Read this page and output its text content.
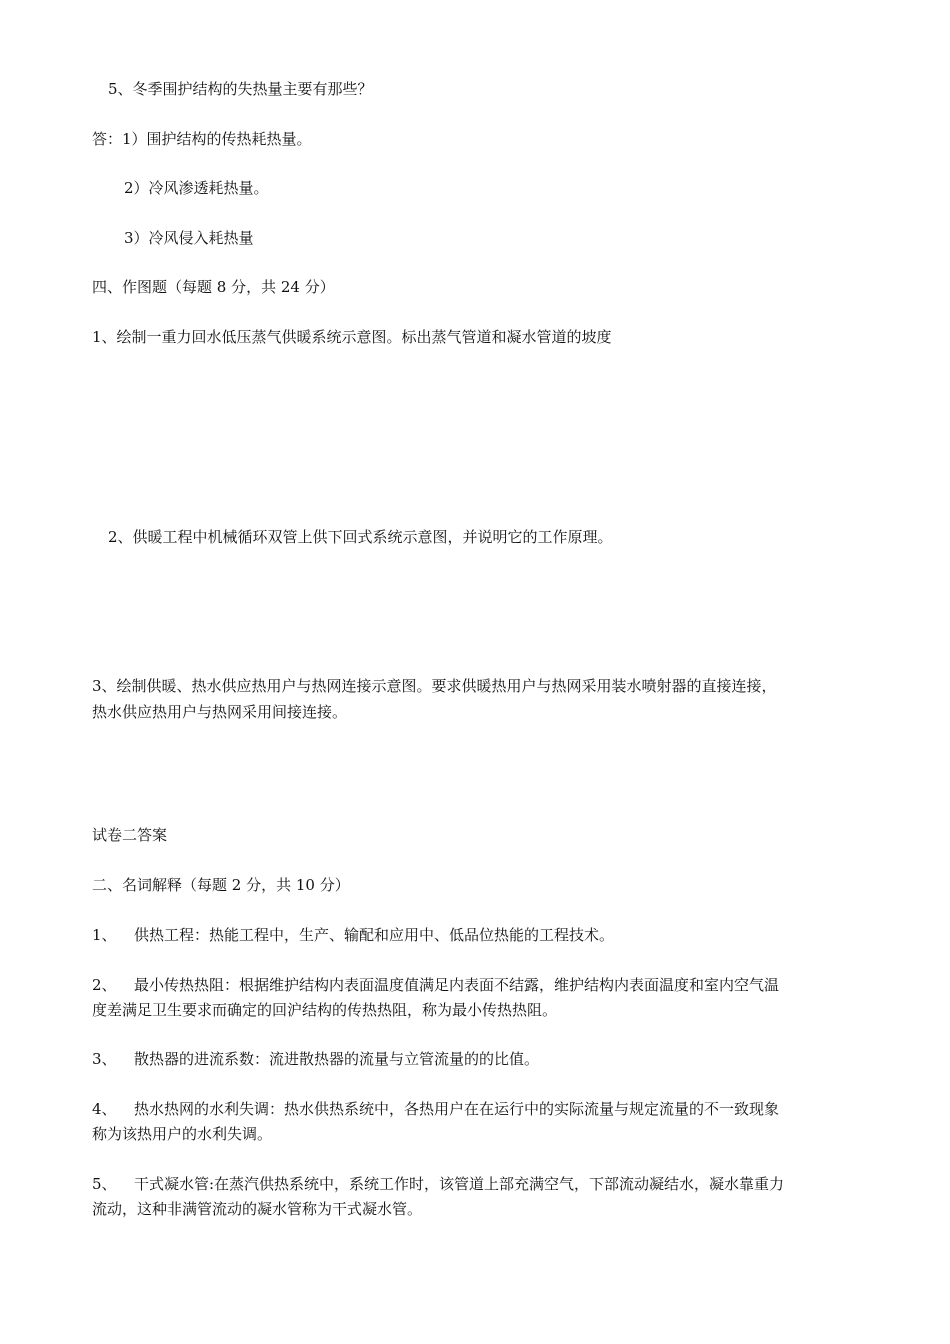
5、冬季围护结构的失热量主要有那些？
答：1）围护结构的传热耗热量。
2）冷风渗透耗热量。
3）冷风侵入耗热量
四、作图题（每题 8 分，共 24 分）
1、绘制一重力回水低压蒸气供暖系统示意图。标出蒸气管道和凝水管道的坡度
2、供暖工程中机械循环双管上供下回式系统示意图，并说明它的工作原理。
3、绘制供暖、热水供应热用户与热网连接示意图。要求供暖热用户与热网采用装水喷射器的直接连接，
热水供应热用户与热网采用间接连接。
试卷二答案
二、名词解释（每题 2 分，共 10 分）
1、 供热工程：热能工程中，生产、输配和应用中、低品位热能的工程技术。
2、 最小传热热阻：根据维护结构内表面温度值满足内表面不结露，维护结构内表面温度和室内空气温
度差满足卫生要求而确定的回沪结构的传热热阻，称为最小传热热阻。
3、 散热器的进流系数：流进散热器的流量与立管流量的的比值。
4、 热水热网的水利失调：热水供热系统中，各热用户在在运行中的实际流量与规定流量的不一致现象
称为该热用户的水利失调。
5、 干式凝水管:在蒸汽供热系统中，系统工作时，该管道上部充满空气，下部流动凝结水，凝水靠重力
流动，这种非满管流动的凝水管称为干式凝水管。
